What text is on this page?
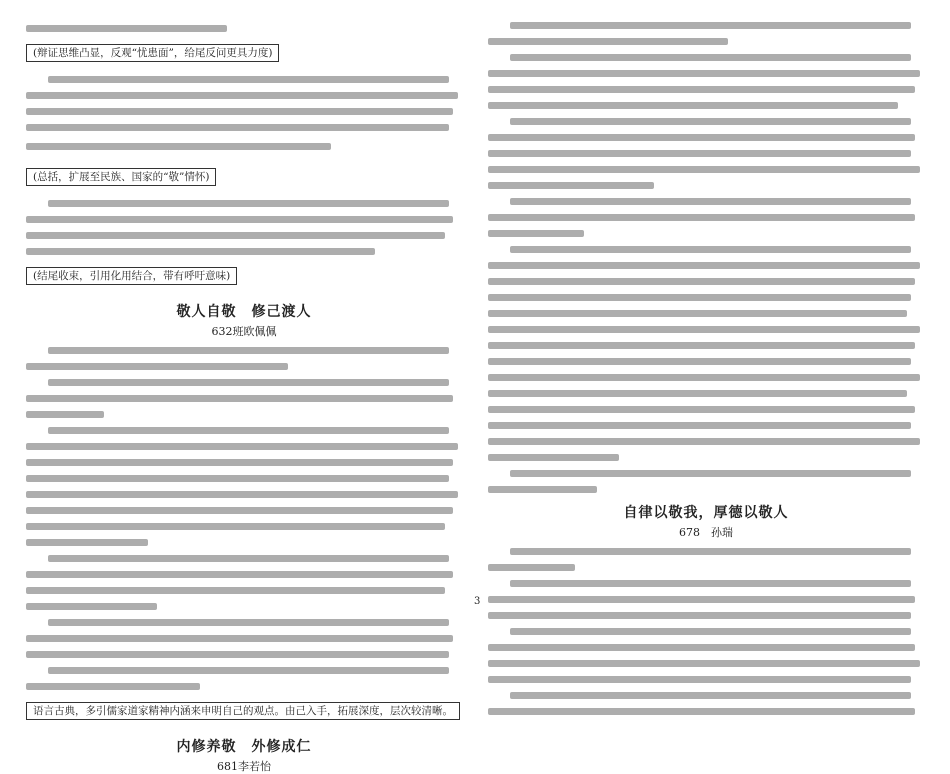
(辩证思维凸显，反观“忧患面”，给尾反问更具力度)
(总括，扩展至民族、国家的“敬”情怀)
(结尾收束，引用化用结合，带有呼吁意味)
敬人自敬　修己渡人
632班欧佩佩
语言古典，多引儒家道家精神内涵来申明自己的观点。由己入手，拓展深度，层次较清晰。
内修养敬　外修成仁
681李若怡
自律以敬我，厚德以敬人
678　孙瑞
3
